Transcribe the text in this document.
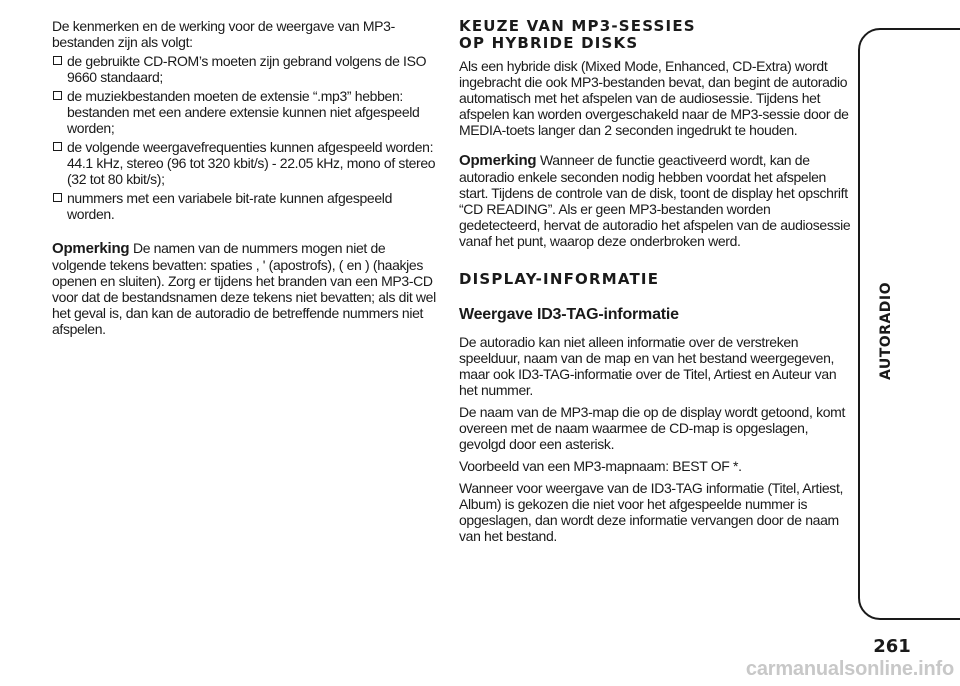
De kenmerken en de werking voor de weergave van MP3-bestanden zijn als volgt:

de gebruikte CD-ROM’s moeten zijn gebrand volgens de ISO 9660 standaard;
de muziekbestanden moeten de extensie “.mp3” hebben: bestanden met een andere extensie kunnen niet afgespeeld worden;
de volgende weergavefrequenties kunnen afgespeeld worden: 44.1 kHz, stereo (96 tot 320 kbit/s) - 22.05 kHz, mono of stereo (32 tot 80 kbit/s);
nummers met een variabele bit-rate kunnen afgespeeld worden.

Opmerking De namen van de nummers mogen niet de volgende tekens bevatten: spaties , ' (apostrofs), ( en ) (haakjes openen en sluiten). Zorg er tijdens het branden van een MP3-CD voor dat de bestandsnamen deze tekens niet bevatten; als dit wel het geval is, dan kan de autoradio de betreffende nummers niet afspelen.

KEUZE VAN MP3-SESSIES
OP HYBRIDE DISKS

Als een hybride disk (Mixed Mode, Enhanced, CD-Extra) wordt ingebracht die ook MP3-bestanden bevat, dan begint de autoradio automatisch met het afspelen van de audiosessie. Tijdens het afspelen kan worden overgeschakeld naar de MP3-sessie door de MEDIA-toets langer dan 2 seconden ingedrukt te houden.

Opmerking Wanneer de functie geactiveerd wordt, kan de autoradio enkele seconden nodig hebben voordat het afspelen start. Tijdens de controle van de disk, toont de display het opschrift “CD READING”. Als er geen MP3-bestanden worden gedetecteerd, hervat de autoradio het afspelen van de audiosessie vanaf het punt, waarop deze onderbroken werd.

DISPLAY-INFORMATIE
Weergave ID3-TAG-informatie

De autoradio kan niet alleen informatie over de verstreken speelduur, naam van de map en van het bestand weergegeven, maar ook ID3-TAG-informatie over de Titel, Artiest en Auteur van het nummer.

De naam van de MP3-map die op de display wordt getoond, komt overeen met de naam waarmee de CD-map is opgeslagen, gevolgd door een asterisk.

Voorbeeld van een MP3-mapnaam: BEST OF *.

Wanneer voor weergave van de ID3-TAG informatie (Titel, Artiest, Album) is gekozen die niet voor het afgespeelde nummer is opgeslagen, dan wordt deze informatie vervangen door de naam van het bestand.

AUTORADIO
261
carmanualsonline.info
